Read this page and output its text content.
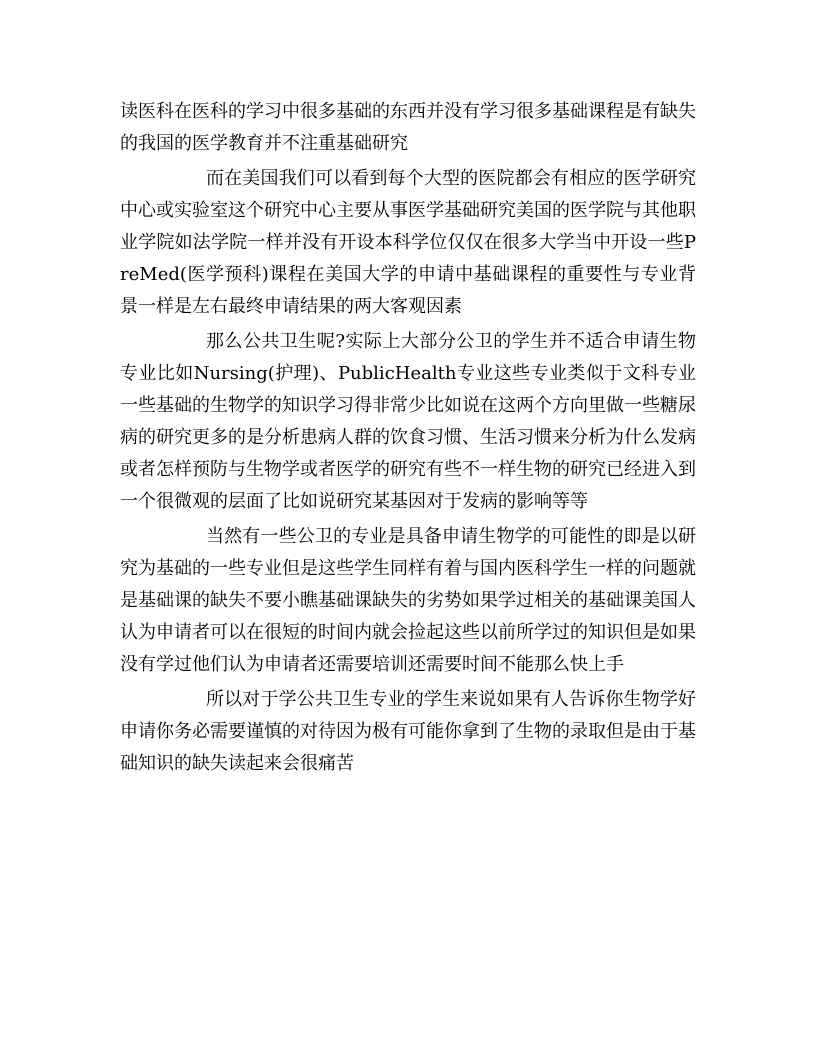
读医科在医科的学习中很多基础的东西并没有学习很多基础课程是有缺失的我国的医学教育并不注重基础研究

而在美国我们可以看到每个大型的医院都会有相应的医学研究中心或实验室这个研究中心主要从事医学基础研究美国的医学院与其他职业学院如法学院一样并没有开设本科学位仅仅在很多大学当中开设一些PreMed(医学预科)课程在美国大学的申请中基础课程的重要性与专业背景一样是左右最终申请结果的两大客观因素

那么公共卫生呢?实际上大部分公卫的学生并不适合申请生物专业比如Nursing(护理)、PublicHealth专业这些专业类似于文科专业一些基础的生物学的知识学习得非常少比如说在这两个方向里做一些糖尿病的研究更多的是分析患病人群的饮食习惯、生活习惯来分析为什么发病或者怎样预防与生物学或者医学的研究有些不一样生物的研究已经进入到一个很微观的层面了比如说研究某基因对于发病的影响等等

当然有一些公卫的专业是具备申请生物学的可能性的即是以研究为基础的一些专业但是这些学生同样有着与国内医科学生一样的问题就是基础课的缺失不要小瞧基础课缺失的劣势如果学过相关的基础课美国人认为申请者可以在很短的时间内就会捡起这些以前所学过的知识但是如果没有学过他们认为申请者还需要培训还需要时间不能那么快上手

所以对于学公共卫生专业的学生来说如果有人告诉你生物学好申请你务必需要谨慎的对待因为极有可能你拿到了生物的录取但是由于基础知识的缺失读起来会很痛苦
